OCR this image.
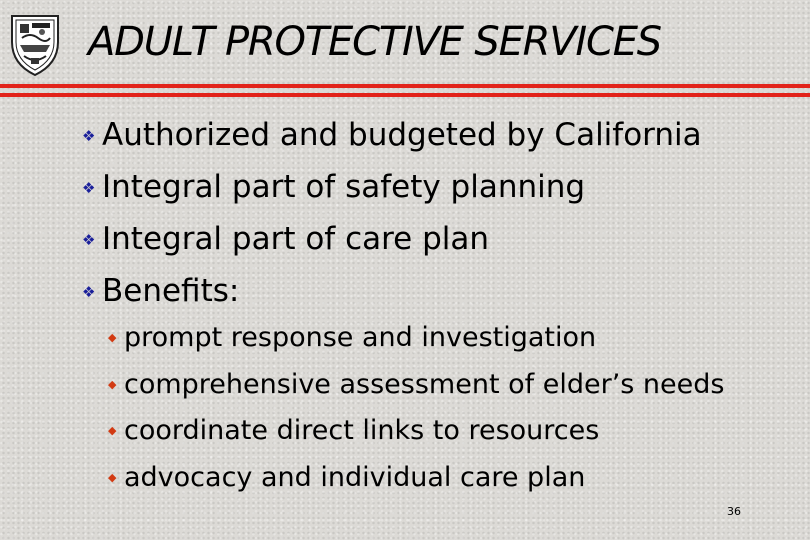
ADULT PROTECTIVE SERVICES
❖ Authorized and budgeted by California
❖ Integral part of safety planning
❖ Integral part of care plan
❖ Benefits:
◆ prompt response and investigation
◆ comprehensive assessment of elder’s needs
◆ coordinate direct links to resources
◆ advocacy and individual care plan
36
